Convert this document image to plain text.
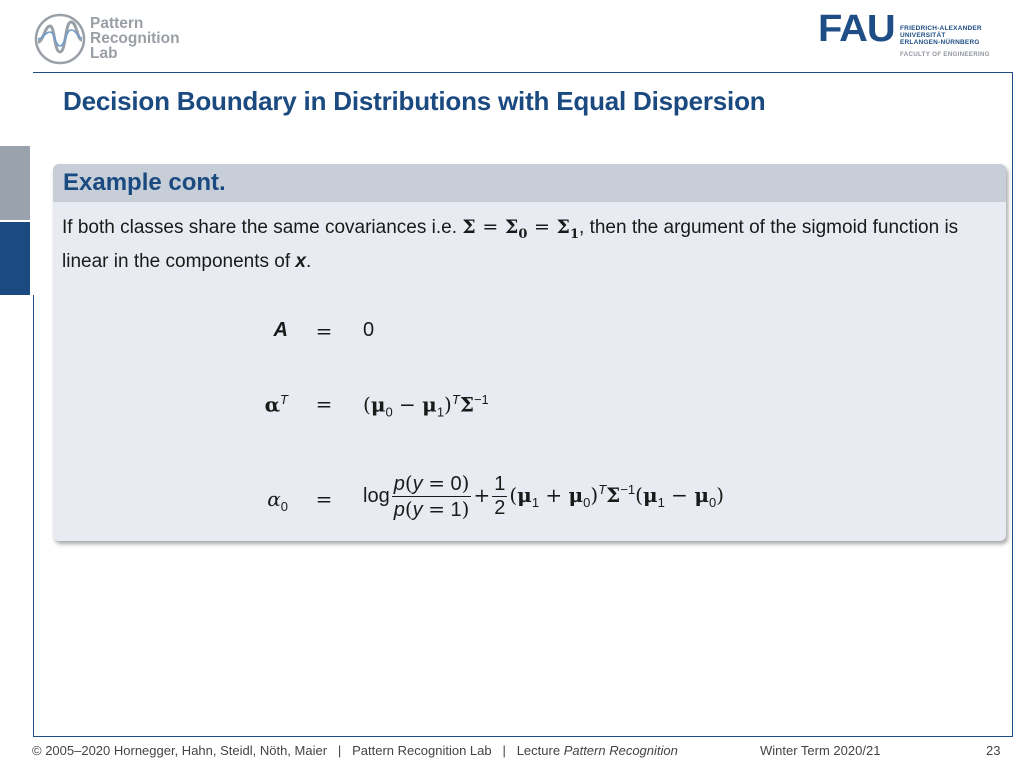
Pattern
Recognition
Lab
FAU FRIEDRICH-ALEXANDER
UNIVERSITÄT
ERLANGEN-NÜRNBERG
FACULTY OF ENGINEERING
Decision Boundary in Distributions with Equal Dispersion
Example cont.
If both classes share the same covariances i.e. $\Sigma = \Sigma_0 = \Sigma_1$, then the argument of the sigmoid function is linear in the components of x.
A	=	0
$\alpha^T$	=	$(\mu_0 - \mu_1)^T\Sigma^{-1}$
$\alpha_0$	=	$\log \frac{p(y = 0)}{p(y = 1)} + \frac{1}{2} (\mu_1 + \mu_0)^T\Sigma^{-1}(\mu_1 - \mu_0)$
© 2005–2020 Hornegger, Hahn, Steidl, Nöth, Maier | Pattern Recognition Lab | Lecture Pattern Recognition	Winter Term 2020/21	23
